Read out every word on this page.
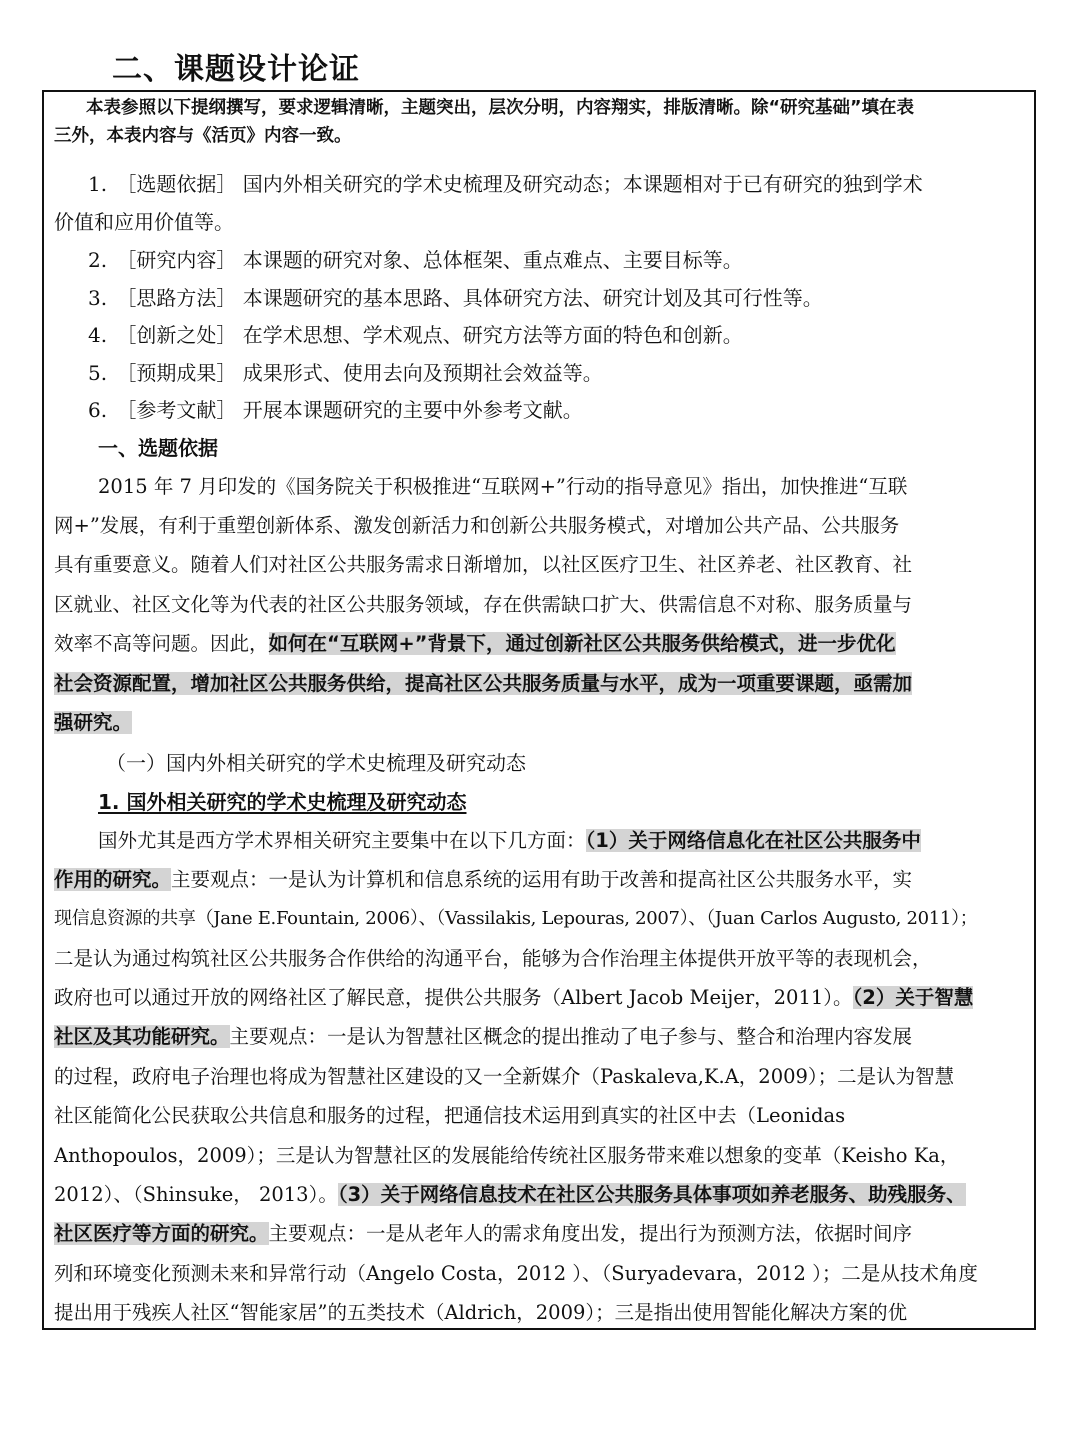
二、课题设计论证
本表参照以下提纲撰写，要求逻辑清晰，主题突出，层次分明，内容翔实，排版清晰。除“研究基础”填在表
三外，本表内容与《活页》内容一致。
1. ［选题依据］ 国内外相关研究的学术史梳理及研究动态；本课题相对于已有研究的独到学术
价值和应用价值等。
2. ［研究内容］ 本课题的研究对象、总体框架、重点难点、主要目标等。
3. ［思路方法］ 本课题研究的基本思路、具体研究方法、研究计划及其可行性等。
4. ［创新之处］ 在学术思想、学术观点、研究方法等方面的特色和创新。
5. ［预期成果］ 成果形式、使用去向及预期社会效益等。
6. ［参考文献］ 开展本课题研究的主要中外参考文献。
一、选题依据
2015 年 7 月印发的《国务院关于积极推进“互联网+”行动的指导意见》指出，加快推进“互联
网+”发展，有利于重塑创新体系、激发创新活力和创新公共服务模式，对增加公共产品、公共服务
具有重要意义。随着人们对社区公共服务需求日渐增加，以社区医疗卫生、社区养老、社区教育、社
区就业、社区文化等为代表的社区公共服务领域，存在供需缺口扩大、供需信息不对称、服务质量与
效率不高等问题。因此，如何在“互联网+”背景下，通过创新社区公共服务供给模式，进一步优化
社会资源配置，增加社区公共服务供给，提高社区公共服务质量与水平，成为一项重要课题，亟需加
强研究。
（一）国内外相关研究的学术史梳理及研究动态
1. 国外相关研究的学术史梳理及研究动态
国外尤其是西方学术界相关研究主要集中在以下几方面：（1）关于网络信息化在社区公共服务中
作用的研究。主要观点：一是认为计算机和信息系统的运用有助于改善和提高社区公共服务水平，实
现信息资源的共享（Jane E.Fountain, 2006）、（Vassilakis, Lepouras, 2007）、（Juan Carlos Augusto, 2011）；
二是认为通过构筑社区公共服务合作供给的沟通平台，能够为合作治理主体提供开放平等的表现机会，
政府也可以通过开放的网络社区了解民意，提供公共服务（Albert Jacob Meijer，2011）。（2）关于智慧
社区及其功能研究。主要观点：一是认为智慧社区概念的提出推动了电子参与、整合和治理内容发展
的过程，政府电子治理也将成为智慧社区建设的又一全新媒介（Paskaleva,K.A，2009）；二是认为智慧
社区能简化公民获取公共信息和服务的过程，把通信技术运用到真实的社区中去（Leonidas
Anthopoulos，2009）；三是认为智慧社区的发展能给传统社区服务带来难以想象的变革（Keisho Ka，
2012）、（Shinsuke， 2013）。（3）关于网络信息技术在社区公共服务具体事项如养老服务、助残服务、
社区医疗等方面的研究。主要观点：一是从老年人的需求角度出发，提出行为预测方法，依据时间序
列和环境变化预测未来和异常行动（Angelo Costa，2012 ）、（Suryadevara，2012 ）；二是从技术角度
提出用于残疾人社区“智能家居”的五类技术（Aldrich，2009）；三是指出使用智能化解决方案的优
